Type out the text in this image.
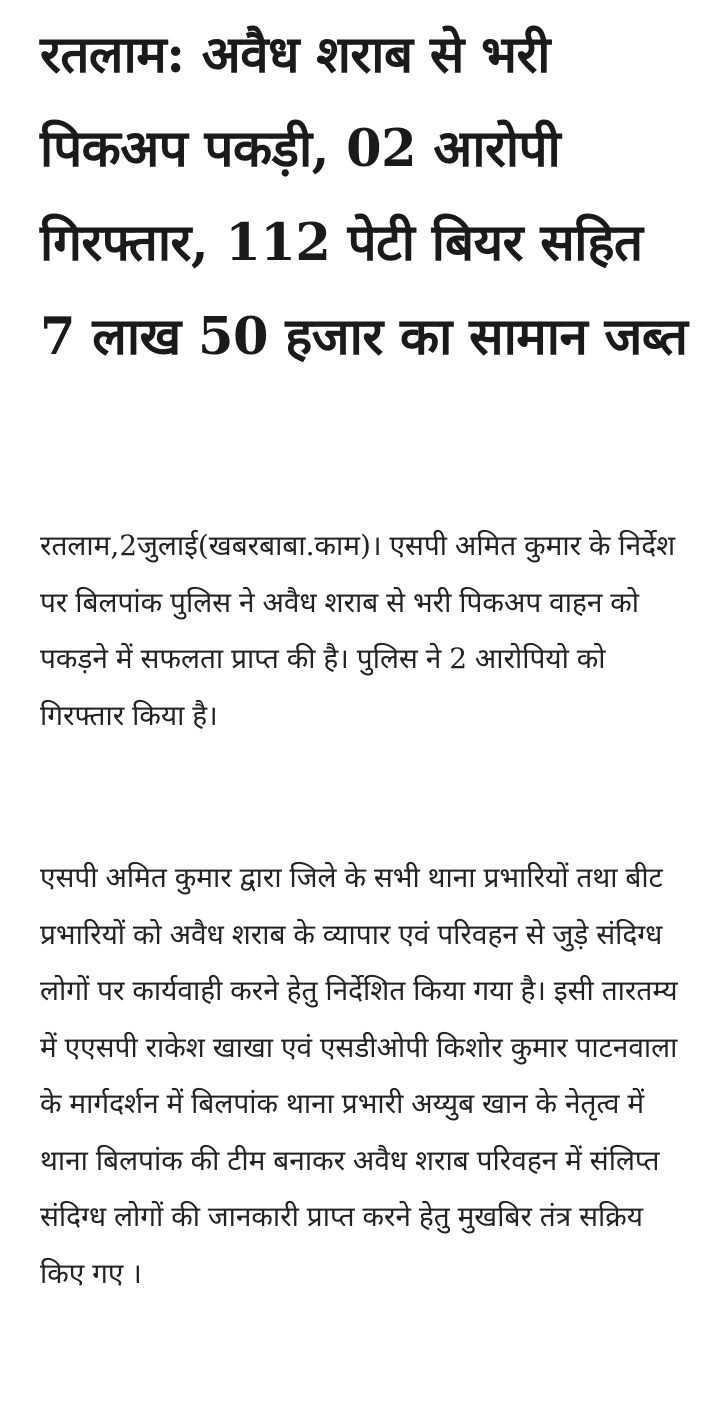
रतलाम: अवैध शराब से भरी पिकअप पकड़ी, 02 आरोपी गिरफ्तार, 112 पेटी बियर सहित 7 लाख 50 हजार का सामान जब्त

रतलाम,2जुलाई(खबरबाबा.काम)। एसपी अमित कुमार के निर्देश पर बिलपांक पुलिस ने अवैध शराब से भरी पिकअप वाहन को पकड़ने में सफलता प्राप्त की है। पुलिस ने 2 आरोपियो को गिरफ्तार किया है।

एसपी अमित कुमार द्वारा जिले के सभी थाना प्रभारियों तथा बीट प्रभारियों को अवैध शराब के व्यापार एवं परिवहन से जुड़े संदिग्ध लोगों पर कार्यवाही करने हेतु निर्देशित किया गया है। इसी तारतम्य में एएसपी राकेश खाखा एवं एसडीओपी किशोर कुमार पाटनवाला के मार्गदर्शन में बिलपांक थाना प्रभारी अय्युब खान के नेतृत्व में थाना बिलपांक की टीम बनाकर अवैध शराब परिवहन में संलिप्त संदिग्ध लोगों की जानकारी प्राप्त करने हेतु मुखबिर तंत्र सक्रिय किए गए ।
